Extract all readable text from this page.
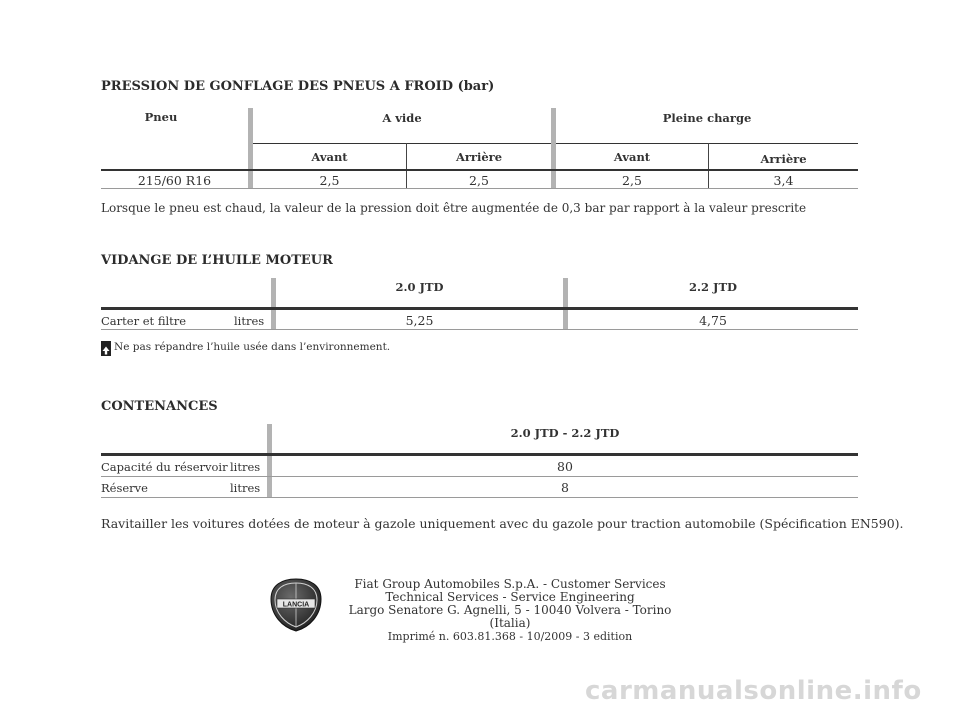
PRESSION DE GONFLAGE DES PNEUS A FROID (bar)
Pneu	A vide	Pleine charge
Avant	Arrière	Avant	Arrière
215/60 R16	2,5	2,5	2,5	3,4
Lorsque le pneu est chaud, la valeur de la pression doit être augmentée de 0,3 bar par rapport à la valeur prescrite
VIDANGE DE L’HUILE MOTEUR
2.0 JTD	2.2 JTD
Carter et filtre	litres	5,25	4,75
Ne pas répandre l’huile usée dans l’environnement.
CONTENANCES
2.0 JTD - 2.2 JTD
Capacité du réservoir litres	80
Réserve	litres	8
Ravitailler les voitures dotées de moteur à gazole uniquement avec du gazole pour traction automobile (Spécification EN590).
LANCIA
Fiat Group Automobiles S.p.A. - Customer Services
Technical Services - Service Engineering
Largo Senatore G. Agnelli, 5 - 10040 Volvera - Torino (Italia)
Imprimé n. 603.81.368 - 10/2009 - 3 edition
carmanualsonline.info
